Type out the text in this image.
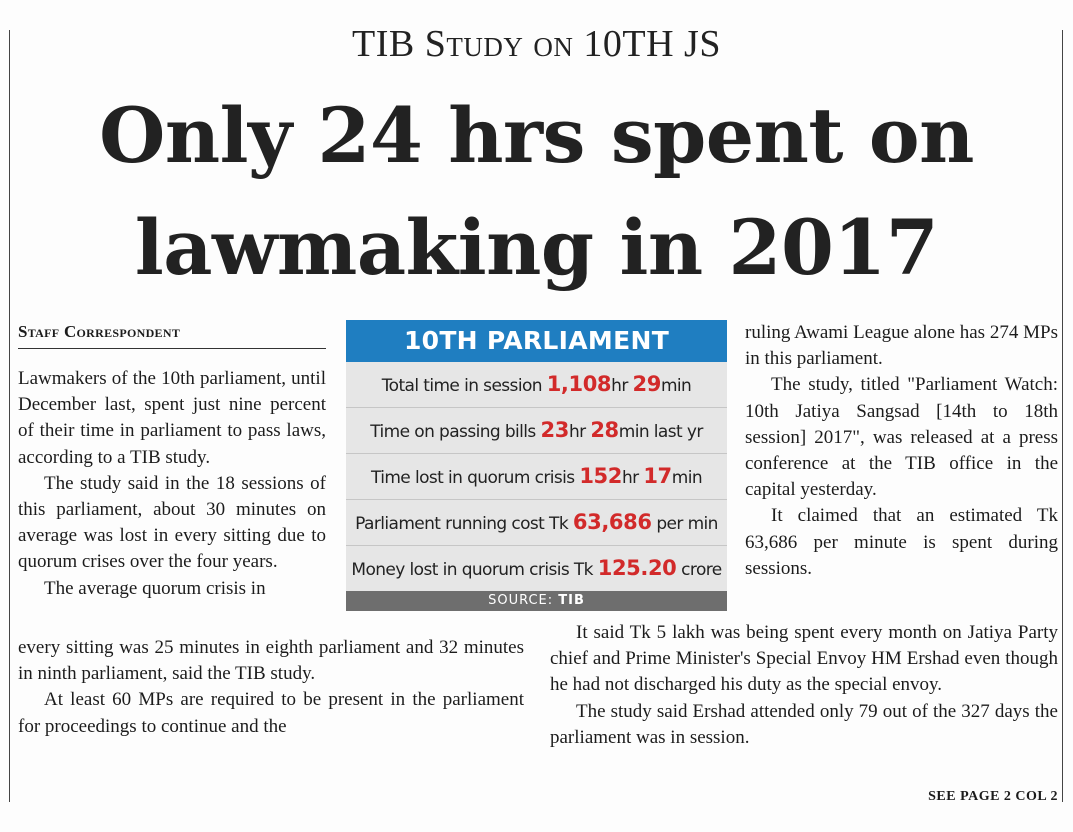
TIB Study on 10TH JS
Only 24 hrs spent on
lawmaking in 2017
Staff Correspondent

Lawmakers of the 10th parliament, until December last, spent just nine percent of their time in parliament to pass laws, according to a TIB study.

The study said in the 18 sessions of this parliament, about 30 minutes on average was lost in every sitting due to quorum crises over the four years.

The average quorum crisis in

every sitting was 25 minutes in eighth parliament and 32 minutes in ninth parliament, said the TIB study.

At least 60 MPs are required to be present in the parliament for proceedings to continue and the

10TH PARLIAMENT
Total time in session 1,108hr 29min
Time on passing bills 23hr 28min last yr
Time lost in quorum crisis 152hr 17min
Parliament running cost Tk 63,686 per min
Money lost in quorum crisis Tk 125.20 crore
SOURCE: TIB

ruling Awami League alone has 274 MPs in this parliament.

The study, titled "Parliament Watch: 10th Jatiya Sangsad [14th to 18th session] 2017", was released at a press conference at the TIB office in the capital yesterday.

It claimed that an estimated Tk 63,686 per minute is spent during sessions.

It said Tk 5 lakh was being spent every month on Jatiya Party chief and Prime Minister's Special Envoy HM Ershad even though he had not discharged his duty as the special envoy.

The study said Ershad attended only 79 out of the 327 days the parliament was in session.

SEE PAGE 2 COL 2
